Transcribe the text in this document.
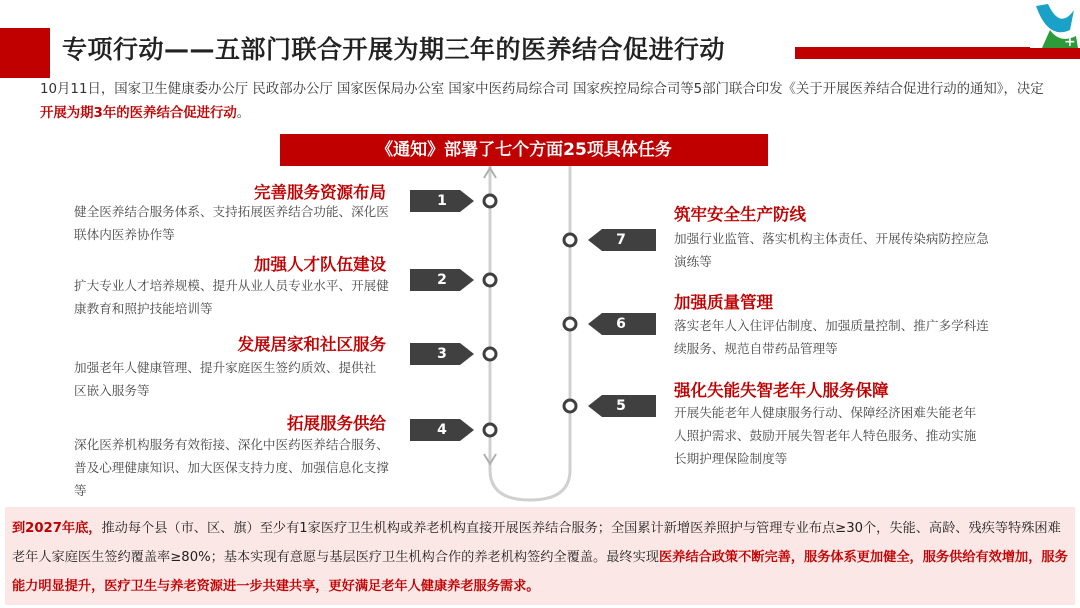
专项行动——五部门联合开展为期三年的医养结合促进行动	+
10月11日，国家卫生健康委办公厅 民政部办公厅 国家医保局办公室 国家中医药局综合司 国家疾控局综合司等5部门联合印发《关于开展医养结合促进行动的通知》，决定开展为期3年的医养结合促进行动。
《通知》部署了七个方面25项具体任务
1
2
3
4
7
6
5
完善服务资源布局
健全医养结合服务体系、支持拓展医养结合功能、深化医联体内医养协作等
加强人才队伍建设
扩大专业人才培养规模、提升从业人员专业水平、开展健康教育和照护技能培训等
发展居家和社区服务
加强老年人健康管理、提升家庭医生签约质效、提供社区嵌入服务等
拓展服务供给
深化医养机构服务有效衔接、深化中医药医养结合服务、普及心理健康知识、加大医保支持力度、加强信息化支撑等
筑牢安全生产防线
加强行业监管、落实机构主体责任、开展传染病防控应急演练等
加强质量管理
落实老年人入住评估制度、加强质量控制、推广多学科连续服务、规范自带药品管理等
强化失能失智老年人服务保障
开展失能老年人健康服务行动、保障经济困难失能老年人照护需求、鼓励开展失智老年人特色服务、推动实施长期护理保险制度等
到2027年底，推动每个县（市、区、旗）至少有1家医疗卫生机构或养老机构直接开展医养结合服务；全国累计新增医养照护与管理专业布点≥30个，失能、高龄、残疾等特殊困难老年人家庭医生签约覆盖率≥80%；基本实现有意愿与基层医疗卫生机构合作的养老机构签约全覆盖。最终实现医养结合政策不断完善，服务体系更加健全，服务供给有效增加，服务能力明显提升，医疗卫生与养老资源进一步共建共享，更好满足老年人健康养老服务需求。
